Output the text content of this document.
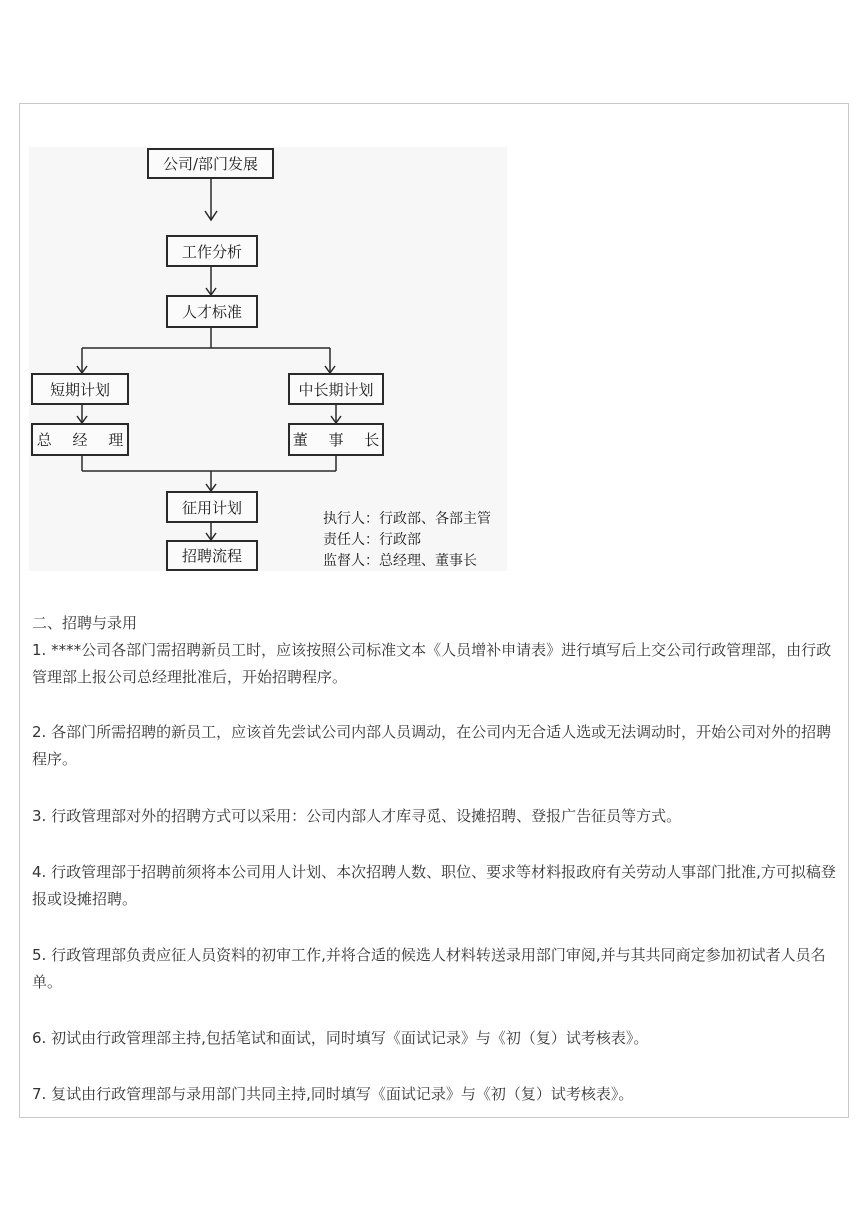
公司/部门发展
工作分析
人才标准
短期计划	中长期计划
总 经 理	董 事 长
征用计划
招聘流程
执行人：行政部、各部主管
责任人：行政部
监督人：总经理、董事长
二、招聘与录用
1. ****公司各部门需招聘新员工时，应该按照公司标准文本《人员增补申请表》进行填写后上交公司行政管理部，由行政管理部上报公司总经理批准后，开始招聘程序。
2. 各部门所需招聘的新员工，应该首先尝试公司内部人员调动，在公司内无合适人选或无法调动时，开始公司对外的招聘程序。
3. 行政管理部对外的招聘方式可以采用：公司内部人才库寻觅、设摊招聘、登报广告征员等方式。
4. 行政管理部于招聘前须将本公司用人计划、本次招聘人数、职位、要求等材料报政府有关劳动人事部门批准,方可拟稿登报或设摊招聘。
5. 行政管理部负责应征人员资料的初审工作,并将合适的候选人材料转送录用部门审阅,并与其共同商定参加初试者人员名单。
6. 初试由行政管理部主持,包括笔试和面试，同时填写《面试记录》与《初（复）试考核表》。
7. 复试由行政管理部与录用部门共同主持,同时填写《面试记录》与《初（复）试考核表》。
